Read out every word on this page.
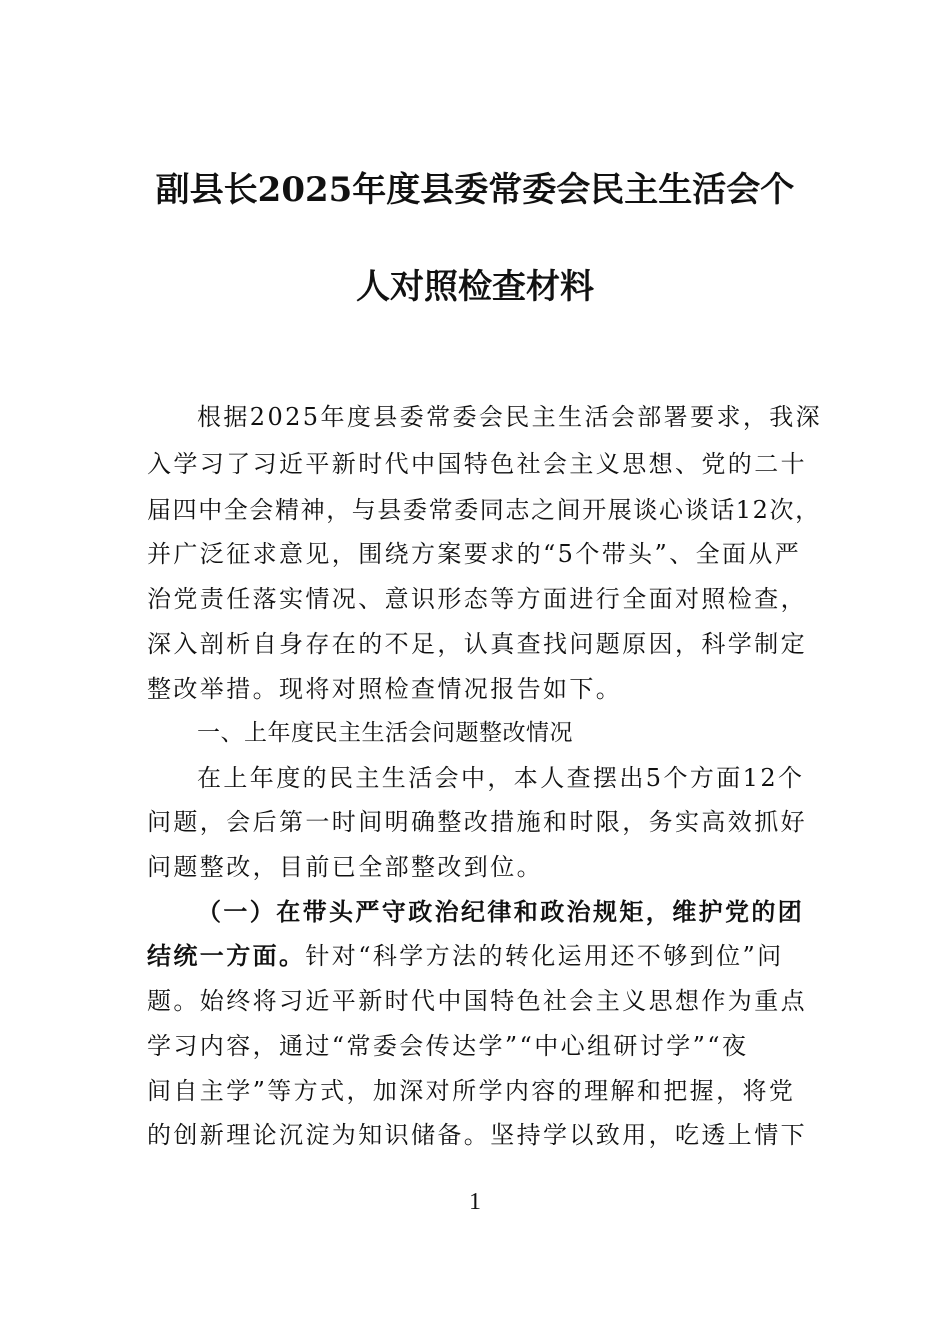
副县长2025年度县委常委会民主生活会个
人对照检查材料
根据2025年度县委常委会民主生活会部署要求，我深
入学习了习近平新时代中国特色社会主义思想、党的二十
届四中全会精神，与县委常委同志之间开展谈心谈话12次，
并广泛征求意见，围绕方案要求的“5个带头”、全面从严
治党责任落实情况、意识形态等方面进行全面对照检查，
深入剖析自身存在的不足，认真查找问题原因，科学制定
整改举措。现将对照检查情况报告如下。
一、上年度民主生活会问题整改情况
在上年度的民主生活会中，本人查摆出5个方面12个
问题，会后第一时间明确整改措施和时限，务实高效抓好
问题整改，目前已全部整改到位。
（一）在带头严守政治纪律和政治规矩，维护党的团
结统一方面。针对“科学方法的转化运用还不够到位”问
题。始终将习近平新时代中国特色社会主义思想作为重点
学习内容，通过“常委会传达学”“中心组研讨学”“夜
间自主学”等方式，加深对所学内容的理解和把握，将党
的创新理论沉淀为知识储备。坚持学以致用，吃透上情下
1
